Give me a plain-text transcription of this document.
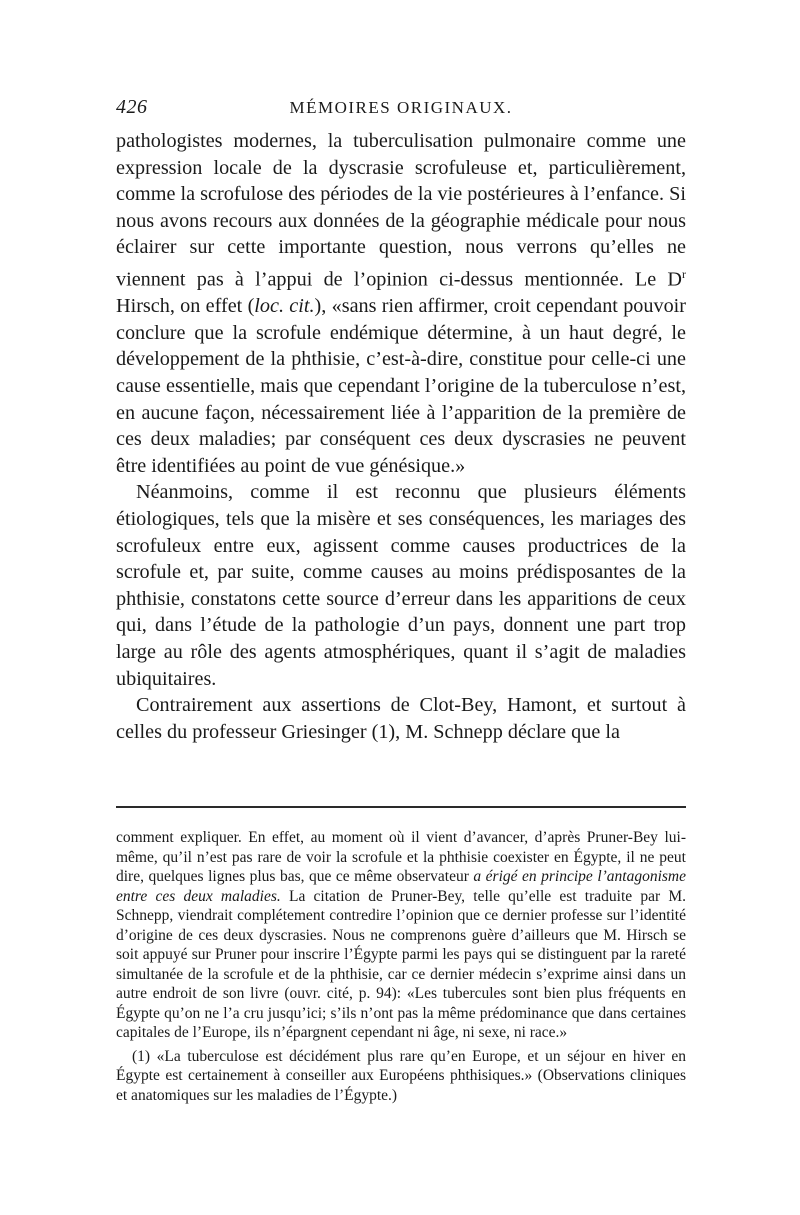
426	MÉMOIRES ORIGINAUX.

pathologistes modernes, la tuberculisation pulmonaire comme une expression locale de la dyscrasie scrofuleuse et, particulièrement, comme la scrofulose des périodes de la vie postérieures à l’enfance. Si nous avons recours aux données de la géographie médicale pour nous éclairer sur cette importante question, nous verrons qu’elles ne viennent pas à l’appui de l’opinion ci-dessus mentionnée. Le $D^r$ Hirsch, on effet (loc. cit.), «sans rien affirmer, croit cependant pouvoir conclure que la scrofule endémique détermine, à un haut degré, le développement de la phthisie, c’est-à-dire, constitue pour celle-ci une cause essentielle, mais que cependant l’origine de la tuberculose n’est, en aucune façon, nécessairement liée à l’apparition de la première de ces deux maladies; par conséquent ces deux dyscrasies ne peuvent être identifiées au point de vue génésique.»

Néanmoins, comme il est reconnu que plusieurs éléments étiologiques, tels que la misère et ses conséquences, les mariages des scrofuleux entre eux, agissent comme causes productrices de la scrofule et, par suite, comme causes au moins prédisposantes de la phthisie, constatons cette source d’erreur dans les apparitions de ceux qui, dans l’étude de la pathologie d’un pays, donnent une part trop large au rôle des agents atmosphériques, quant il s’agit de maladies ubiquitaires.

Contrairement aux assertions de Clot-Bey, Hamont, et surtout à celles du professeur Griesinger (1), M. Schnepp déclare que la

comment expliquer. En effet, au moment où il vient d’avancer, d’après Pruner-Bey lui-même, qu’il n’est pas rare de voir la scrofule et la phthisie coexister en Égypte, il ne peut dire, quelques lignes plus bas, que ce même observateur a érigé en principe l’antagonisme entre ces deux maladies. La citation de Pruner-Bey, telle qu’elle est traduite par M. Schnepp, viendrait complétement contredire l’opinion que ce dernier professe sur l’identité d’origine de ces deux dyscrasies. Nous ne comprenons guère d’ailleurs que M. Hirsch se soit appuyé sur Pruner pour inscrire l’Égypte parmi les pays qui se distinguent par la rareté simultanée de la scrofule et de la phthisie, car ce dernier médecin s’exprime ainsi dans un autre endroit de son livre (ouvr. cité, p. 94): «Les tubercules sont bien plus fréquents en Égypte qu’on ne l’a cru jusqu’ici; s’ils n’ont pas la même prédominance que dans certaines capitales de l’Europe, ils n’épargnent cependant ni âge, ni sexe, ni race.»

(1) «La tuberculose est décidément plus rare qu’en Europe, et un séjour en hiver en Égypte est certainement à conseiller aux Européens phthisiques.» (Observations cliniques et anatomiques sur les maladies de l’Égypte.)
